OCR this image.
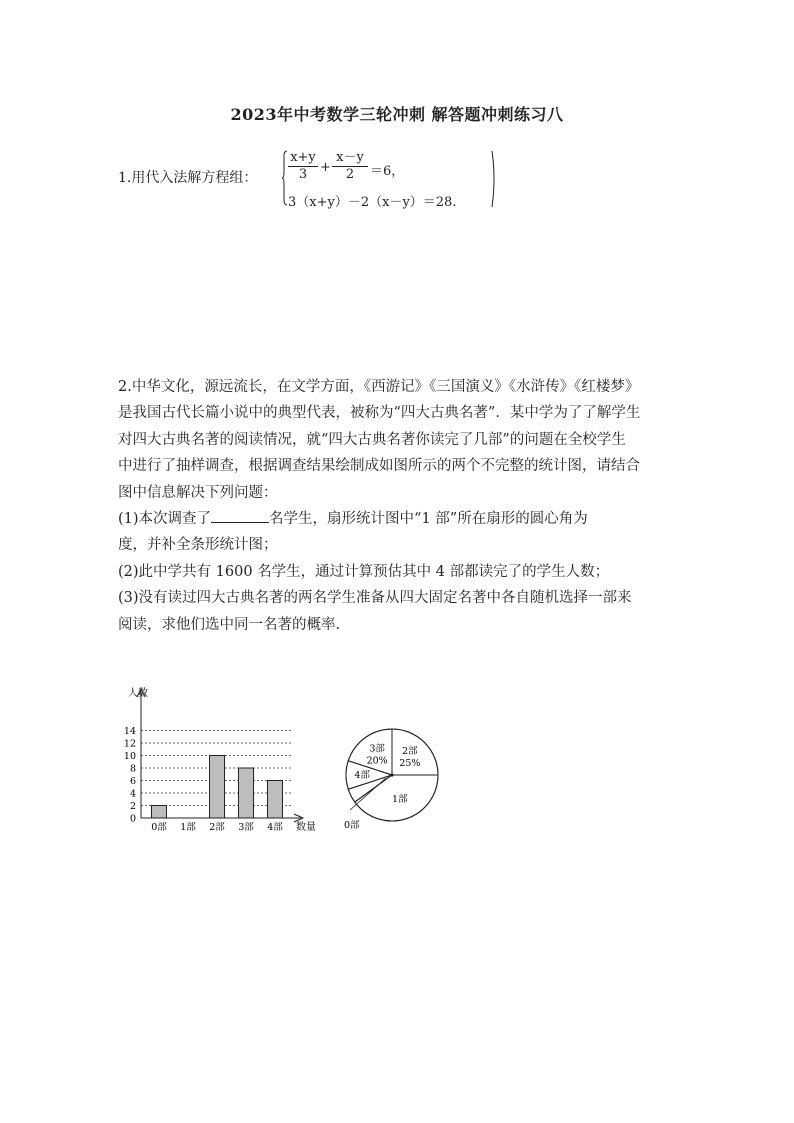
2023年中考数学三轮冲刺 解答题冲刺练习八
1.用代入法解方程组： $\frac{x+y}{3} + \frac{x-y}{2} =6$，
3（x+y）－2（x－y）＝28.

2.中华文化，源远流长，在文学方面，《西游记》《三国演义》《水浒传》《红楼梦》

是我国古代长篇小说中的典型代表，被称为“四大古典名著”．某中学为了了解学生

对四大古典名著的阅读情况，就“四大古典名著你读完了几部”的问题在全校学生

中进行了抽样调查，根据调查结果绘制成如图所示的两个不完整的统计图，请结合

图中信息解决下列问题：

(1)本次调查了	名学生，扇形统计图中“1 部”所在扇形的圆心角为

度，并补全条形统计图；

(2)此中学共有 1600 名学生，通过计算预估其中 4 部都读完了的学生人数；

(3)没有读过四大古典名著的两名学生准备从四大固定名著中各自随机选择一部来

阅读，求他们选中同一名著的概率.

人数
数量
0
2
4
6
8
10
12
14
0部 1部 2部 3部 4部
2部
25%
1部
0部
4部
3部
20%
